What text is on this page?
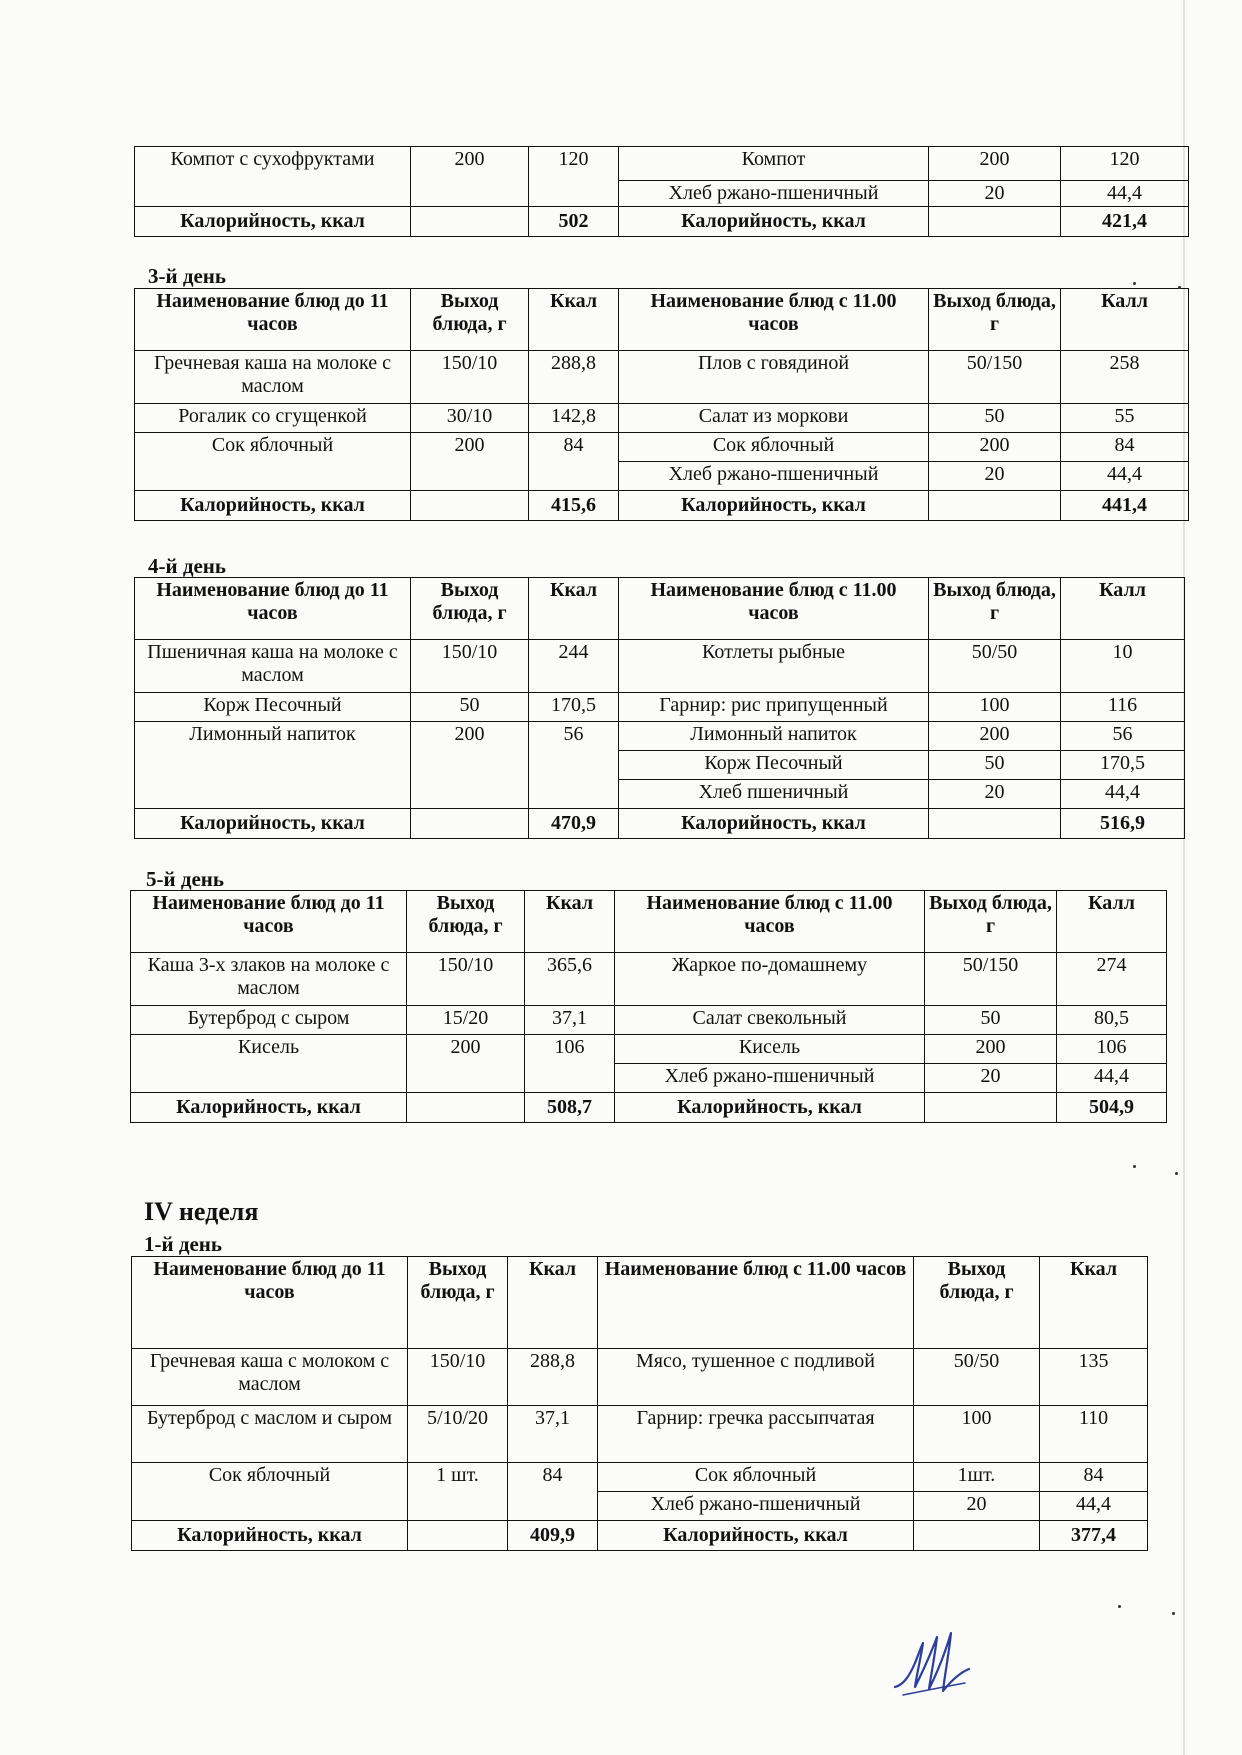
Компот с сухофруктами	200	120	Компот	200	120
			Хлеб ржано-пшеничный	20	44,4
Калорийность, ккал		502	Калорийность, ккал		421,4
3-й день
Наименование блюд до 11 часов	Выход блюда, г	Ккал	Наименование блюд с 11.00 часов	Выход блюда, г	Калл
Гречневая каша на молоке с маслом	150/10	288,8	Плов с говядиной	50/150	258
Рогалик со сгущенкой	30/10	142,8	Салат из моркови	50	55
Сок яблочный	200	84	Сок яблочный	200	84
			Хлеб ржано-пшеничный	20	44,4
Калорийность, ккал		415,6	Калорийность, ккал		441,4
4-й день
Наименование блюд до 11 часов	Выход блюда, г	Ккал	Наименование блюд с 11.00 часов	Выход блюда, г	Калл
Пшеничная каша на молоке с маслом	150/10	244	Котлеты рыбные	50/50	10
Корж Песочный	50	170,5	Гарнир: рис припущенный	100	116
Лимонный напиток	200	56	Лимонный напиток	200	56
			Корж Песочный	50	170,5
			Хлеб пшеничный	20	44,4
Калорийность, ккал		470,9	Калорийность, ккал		516,9
5-й день
Наименование блюд до 11 часов	Выход блюда, г	Ккал	Наименование блюд с 11.00 часов	Выход блюда, г	Калл
Каша 3-х злаков на молоке с маслом	150/10	365,6	Жаркое по-домашнему	50/150	274
Бутерброд с сыром	15/20	37,1	Салат свекольный	50	80,5
Кисель	200	106	Кисель	200	106
			Хлеб ржано-пшеничный	20	44,4
Калорийность, ккал		508,7	Калорийность, ккал		504,9
IV неделя
1-й день
Наименование блюд до 11 часов	Выход блюда, г	Ккал	Наименование блюд с 11.00 часов	Выход блюда, г	Ккал
Гречневая каша с молоком с маслом	150/10	288,8	Мясо, тушенное с подливой	50/50	135
Бутерброд с маслом и сыром	5/10/20	37,1	Гарнир: гречка рассыпчатая	100	110
Сок яблочный	1 шт.	84	Сок яблочный	1шт.	84
			Хлеб ржано-пшеничный	20	44,4
Калорийность, ккал		409,9	Калорийность, ккал		377,4
